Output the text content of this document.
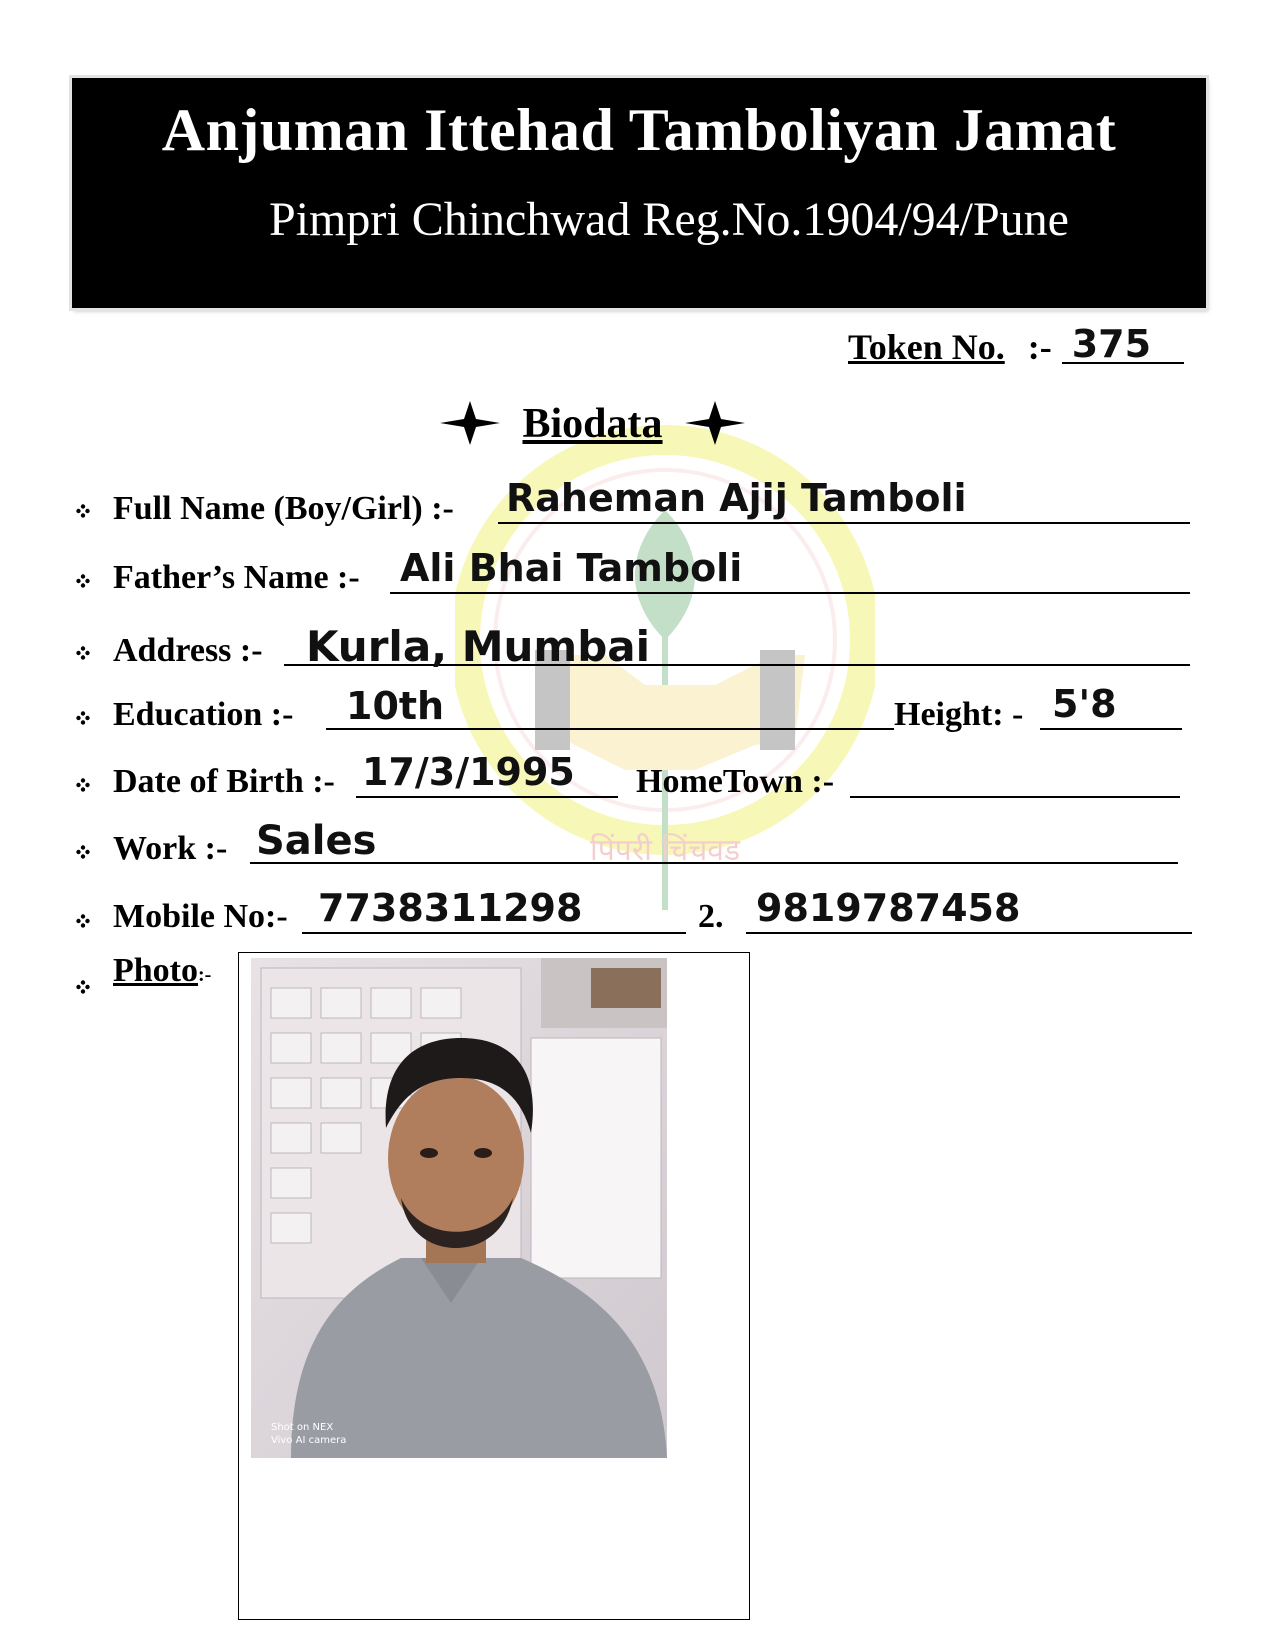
Anjuman Ittehad Tamboliyan Jamat
Pimpri Chinchwad Reg.No.1904/94/Pune
पिंपरी चिंचवड
Token No. :- 375
Biodata
Full Name (Boy/Girl) :- Raheman Ajij Tamboli
Father’s Name :- Ali Bhai Tamboli
Address :- Kurla, Mumbai
Education :- 10th	Height: - 5'8
Date of Birth :- 17/3/1995 HomeTown :-
Work :- Sales
Mobile No:- 7738311298	2. 9819787458
Photo:-
Shot on NEX
Vivo AI camera
